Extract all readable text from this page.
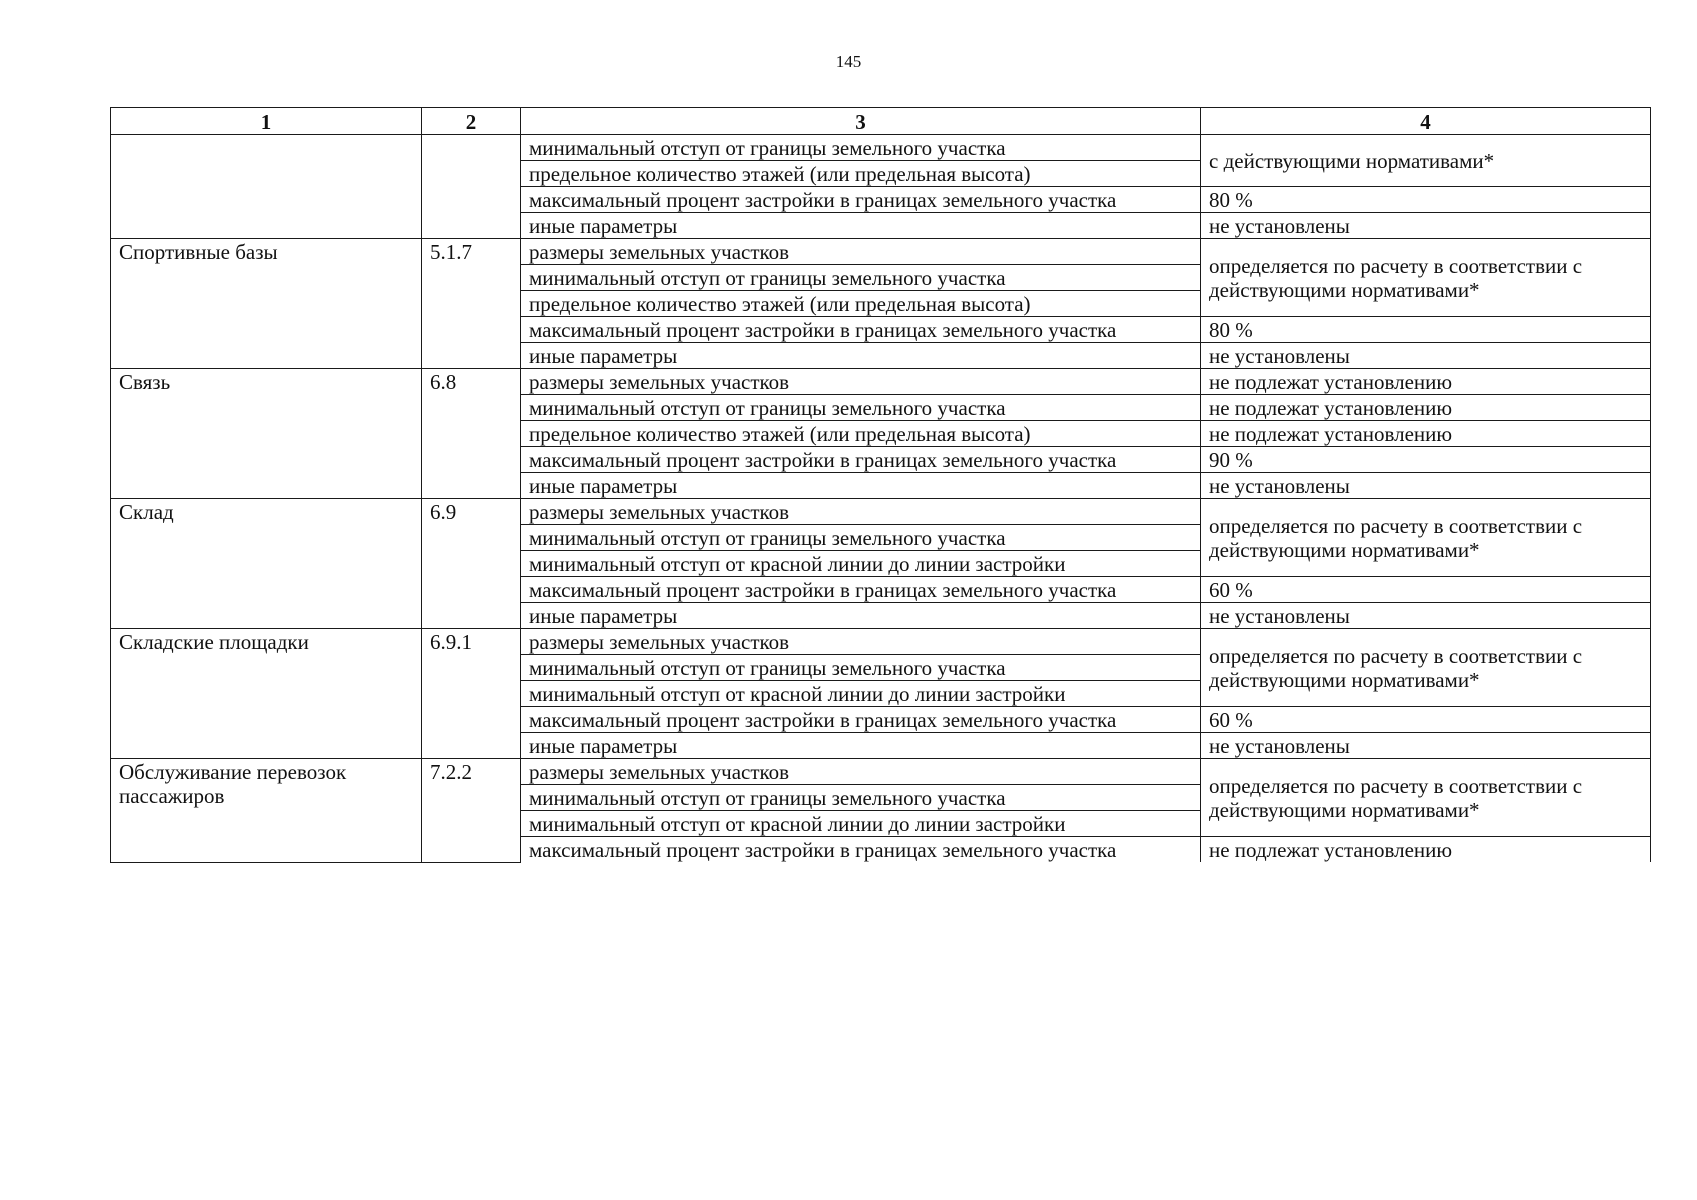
145
1	2	3	4
		минимальный отступ от границы земельного участка	с действующими нормативами*
		предельное количество этажей (или предельная высота)	
		максимальный процент застройки в границах земельного участка	80 %
		иные параметры	не установлены
Спортивные базы	5.1.7	размеры земельных участков	определяется по расчету в соответствии с действующими нормативами*
		минимальный отступ от границы земельного участка	
		предельное количество этажей (или предельная высота)	
		максимальный процент застройки в границах земельного участка	80 %
		иные параметры	не установлены
Связь	6.8	размеры земельных участков	не подлежат установлению
		минимальный отступ от границы земельного участка	не подлежат установлению
		предельное количество этажей (или предельная высота)	не подлежат установлению
		максимальный процент застройки в границах земельного участка	90 %
		иные параметры	не установлены
Склад	6.9	размеры земельных участков	определяется по расчету в соответствии с действующими нормативами*
		минимальный отступ от границы земельного участка	
		минимальный отступ от красной линии до линии застройки	
		максимальный процент застройки в границах земельного участка	60 %
		иные параметры	не установлены
Складские площадки	6.9.1	размеры земельных участков	определяется по расчету в соответствии с действующими нормативами*
		минимальный отступ от границы земельного участка	
		минимальный отступ от красной линии до линии застройки	
		максимальный процент застройки в границах земельного участка	60 %
		иные параметры	не установлены
Обслуживание перевозок пассажиров	7.2.2	размеры земельных участков	определяется по расчету в соответствии с действующими нормативами*
		минимальный отступ от границы земельного участка	
		минимальный отступ от красной линии до линии застройки	
		максимальный процент застройки в границах земельного участка	не подлежат установлению
